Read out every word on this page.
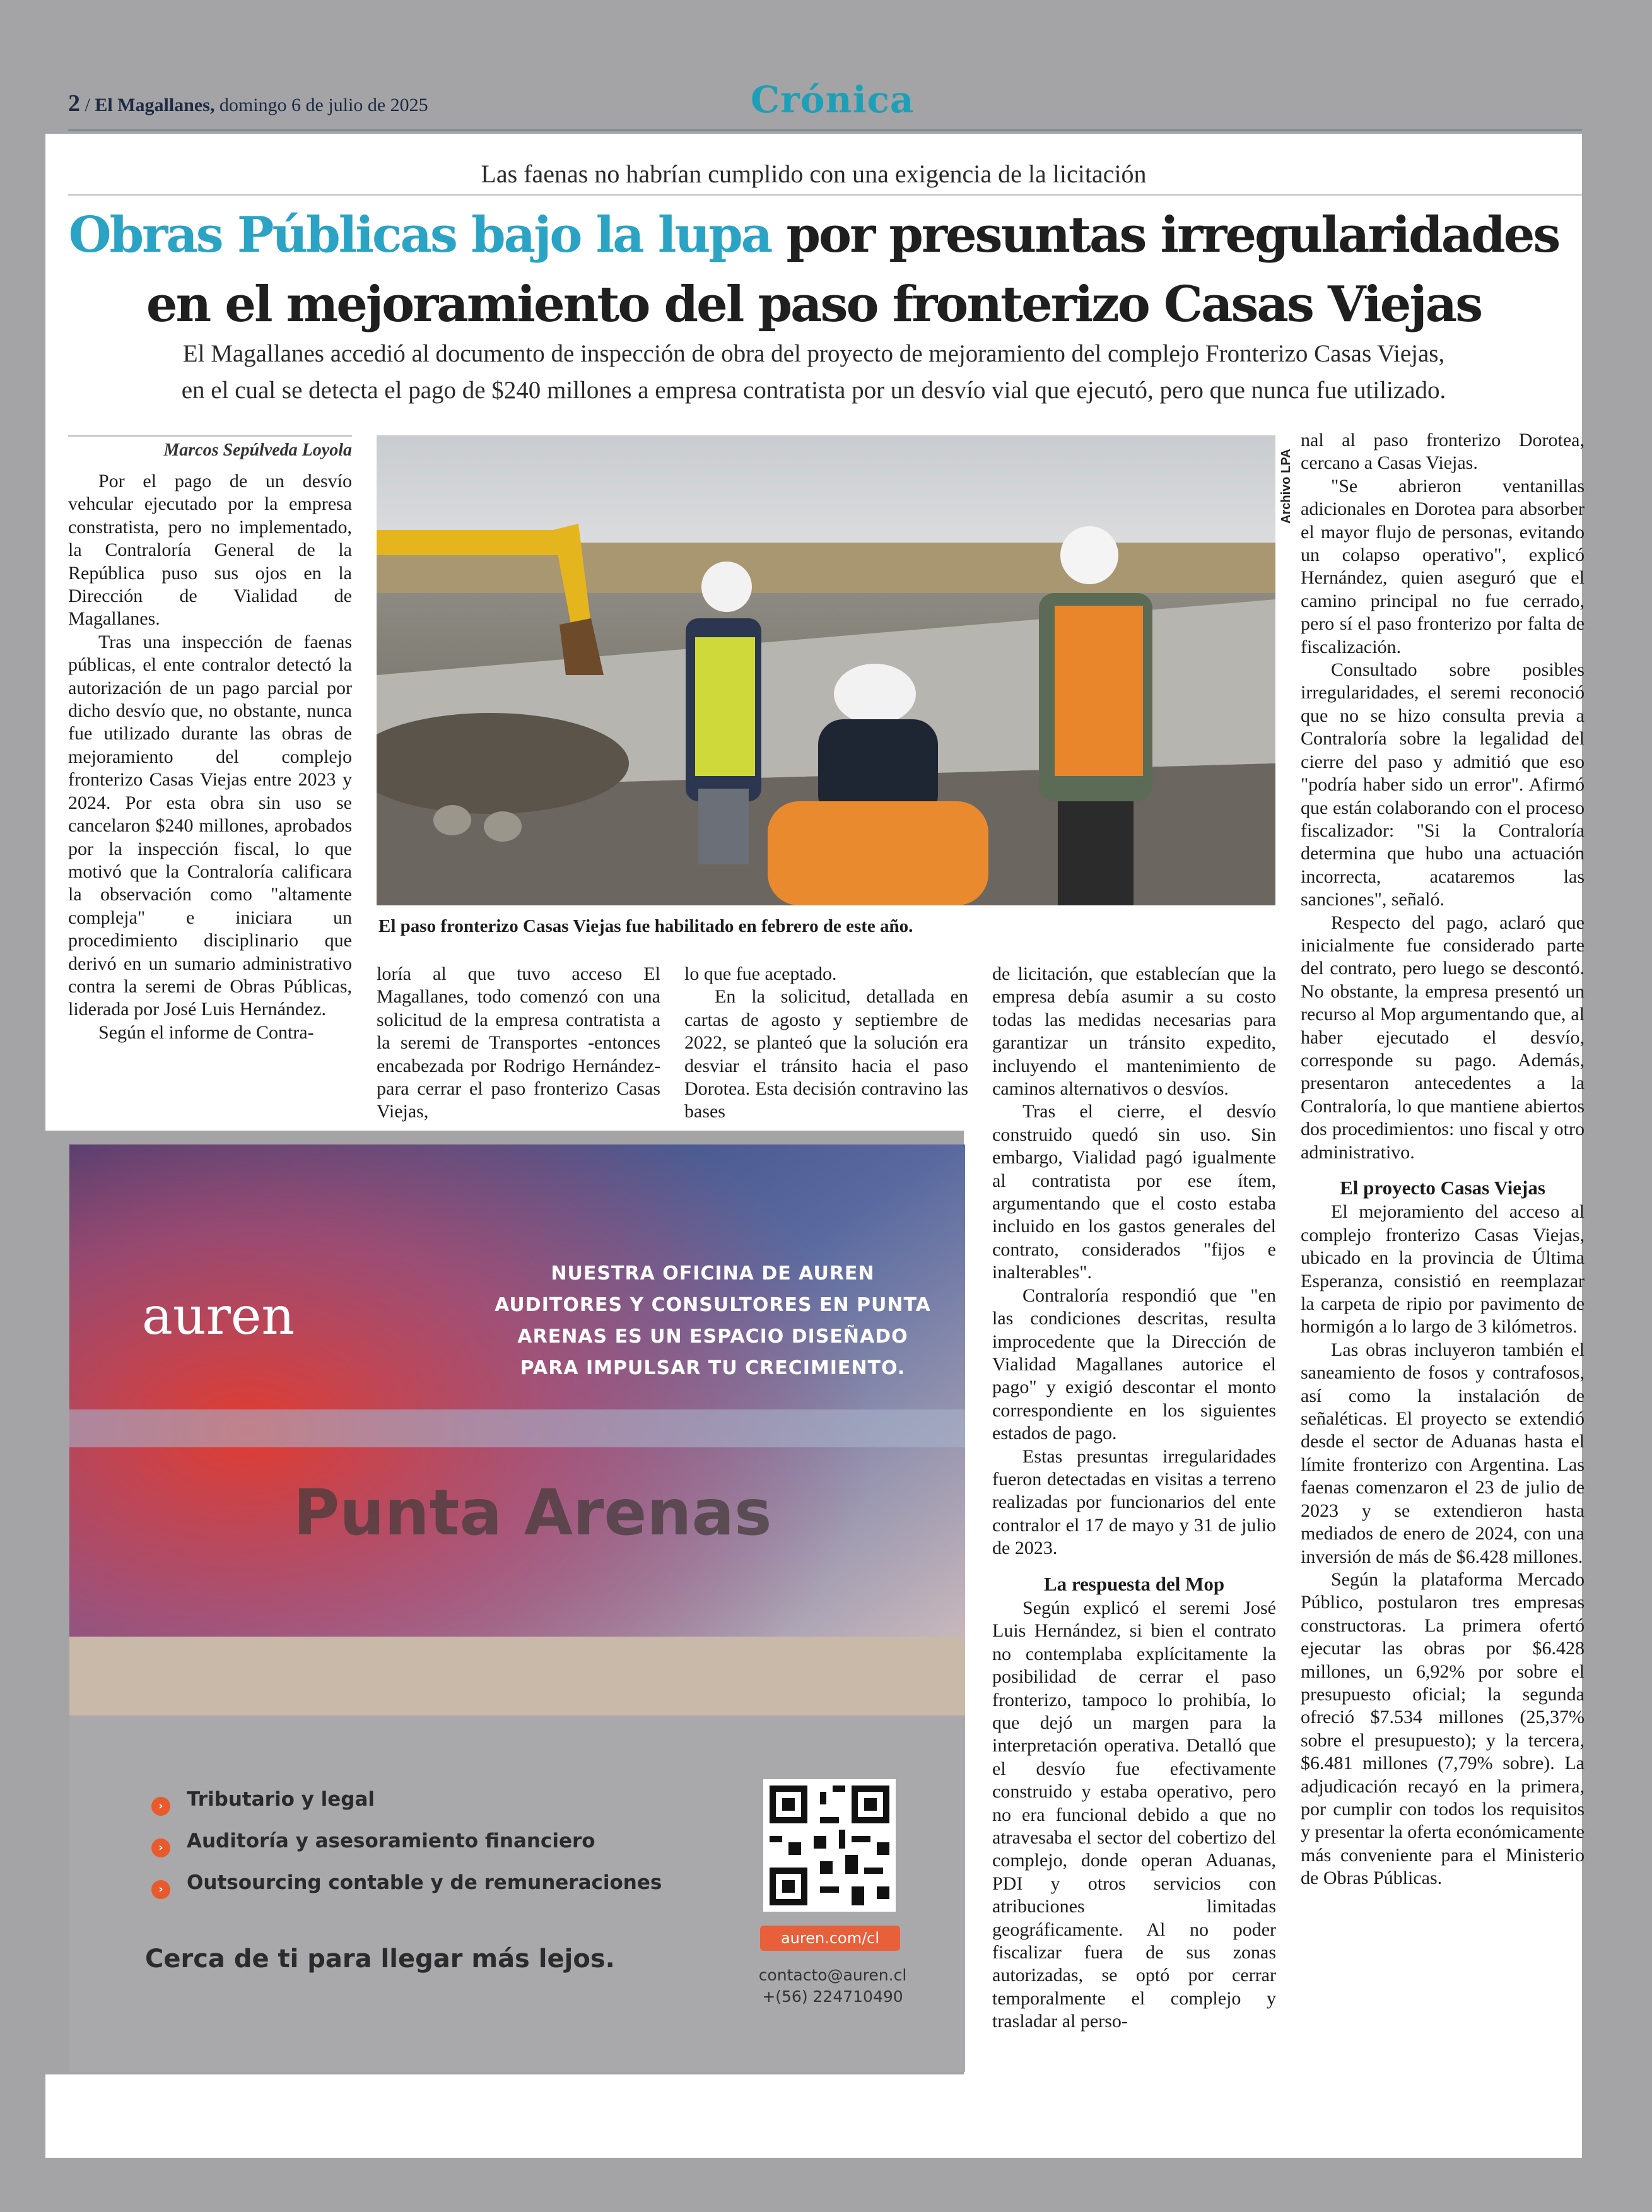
2 / El Magallanes, domingo 6 de julio de 2025	Crónica
Las faenas no habrían cumplido con una exigencia de la licitación
Obras Públicas bajo la lupa por presuntas irregularidades
en el mejoramiento del paso fronterizo Casas Viejas
El Magallanes accedió al documento de inspección de obra del proyecto de mejoramiento del complejo Fronterizo Casas Viejas,
en el cual se detecta el pago de $240 millones a empresa contratista por un desvío vial que ejecutó, pero que nunca fue utilizado.
Marcos Sepúlveda Loyola

Por el pago de un desvío vehcular ejecutado por la empresa constratista, pero no implementado, la Contraloría General de la República puso sus ojos en la Dirección de Vialidad de Magallanes.

Tras una inspección de faenas públicas, el ente contralor detectó la autorización de un pago parcial por dicho desvío que, no obstante, nunca fue utilizado durante las obras de mejoramiento del complejo fronterizo Casas Viejas entre 2023 y 2024. Por esta obra sin uso se cancelaron $240 millones, aprobados por la inspección fiscal, lo que motivó que la Contraloría calificara la observación como "altamente compleja" e iniciara un procedimiento disciplinario que derivó en un sumario administrativo contra la seremi de Obras Públicas, liderada por José Luis Hernández.

Según el informe de Contra-

Archivo LPA
El paso fronterizo Casas Viejas fue habilitado en febrero de este año.

loría al que tuvo acceso El Magallanes, todo comenzó con una solicitud de la empresa contratista a la seremi de Transportes -entonces encabezada por Rodrigo Hernández- para cerrar el paso fronterizo Casas Viejas,

lo que fue aceptado.

En la solicitud, detallada en cartas de agosto y septiembre de 2022, se planteó que la solución era desviar el tránsito hacia el paso Dorotea. Esta decisión contravino las bases

de licitación, que establecían que la empresa debía asumir a su costo todas las medidas necesarias para garantizar un tránsito expedito, incluyendo el mantenimiento de caminos alternativos o desvíos.

Tras el cierre, el desvío construido quedó sin uso. Sin embargo, Vialidad pagó igualmente al contratista por ese ítem, argumentando que el costo estaba incluido en los gastos generales del contrato, considerados "fijos e inalterables".

Contraloría respondió que "en las condiciones descritas, resulta improcedente que la Dirección de Vialidad Magallanes autorice el pago" y exigió descontar el monto correspondiente en los siguientes estados de pago.

Estas presuntas irregularidades fueron detectadas en visitas a terreno realizadas por funcionarios del ente contralor el 17 de mayo y 31 de julio de 2023.

La respuesta del Mop

Según explicó el seremi José Luis Hernández, si bien el contrato no contemplaba explícitamente la posibilidad de cerrar el paso fronterizo, tampoco lo prohibía, lo que dejó un margen para la interpretación operativa. Detalló que el desvío fue efectivamente construido y estaba operativo, pero no era funcional debido a que no atravesaba el sector del cobertizo del complejo, donde operan Aduanas, PDI y otros servicios con atribuciones limitadas geográficamente. Al no poder fiscalizar fuera de sus zonas autorizadas, se optó por cerrar temporalmente el complejo y trasladar al perso-

nal al paso fronterizo Dorotea, cercano a Casas Viejas.

"Se abrieron ventanillas adicionales en Dorotea para absorber el mayor flujo de personas, evitando un colapso operativo", explicó Hernández, quien aseguró que el camino principal no fue cerrado, pero sí el paso fronterizo por falta de fiscalización.

Consultado sobre posibles irregularidades, el seremi reconoció que no se hizo consulta previa a Contraloría sobre la legalidad del cierre del paso y admitió que eso "podría haber sido un error". Afirmó que están colaborando con el proceso fiscalizador: "Si la Contraloría determina que hubo una actuación incorrecta, acataremos las sanciones", señaló.

Respecto del pago, aclaró que inicialmente fue considerado parte del contrato, pero luego se descontó. No obstante, la empresa presentó un recurso al Mop argumentando que, al haber ejecutado el desvío, corresponde su pago. Además, presentaron antecedentes a la Contraloría, lo que mantiene abiertos dos procedimientos: uno fiscal y otro administrativo.

El proyecto Casas Viejas

El mejoramiento del acceso al complejo fronterizo Casas Viejas, ubicado en la provincia de Última Esperanza, consistió en reemplazar la carpeta de ripio por pavimento de hormigón a lo largo de 3 kilómetros.

Las obras incluyeron también el saneamiento de fosos y contrafosos, así como la instalación de señaléticas. El proyecto se extendió desde el sector de Aduanas hasta el límite fronterizo con Argentina. Las faenas comenzaron el 23 de julio de 2023 y se extendieron hasta mediados de enero de 2024, con una inversión de más de $6.428 millones.

Según la plataforma Mercado Público, postularon tres empresas constructoras. La primera ofertó ejecutar las obras por $6.428 millones, un 6,92% por sobre el presupuesto oficial; la segunda ofreció $7.534 millones (25,37% sobre el presupuesto); y la tercera, $6.481 millones (7,79% sobre). La adjudicación recayó en la primera, por cumplir con todos los requisitos y presentar la oferta económicamente más conveniente para el Ministerio de Obras Públicas.

auren
NUESTRA OFICINA DE AUREN
AUDITORES Y CONSULTORES EN PUNTA
ARENAS ES UN ESPACIO DISEÑADO
PARA IMPULSAR TU CRECIMIENTO.
Punta Arenas
› Tributario y legal
› Auditoría y asesoramiento financiero
› Outsourcing contable y de remuneraciones
Cerca de ti para llegar más lejos.
auren.com/cl
contacto@auren.cl
+(56) 224710490
